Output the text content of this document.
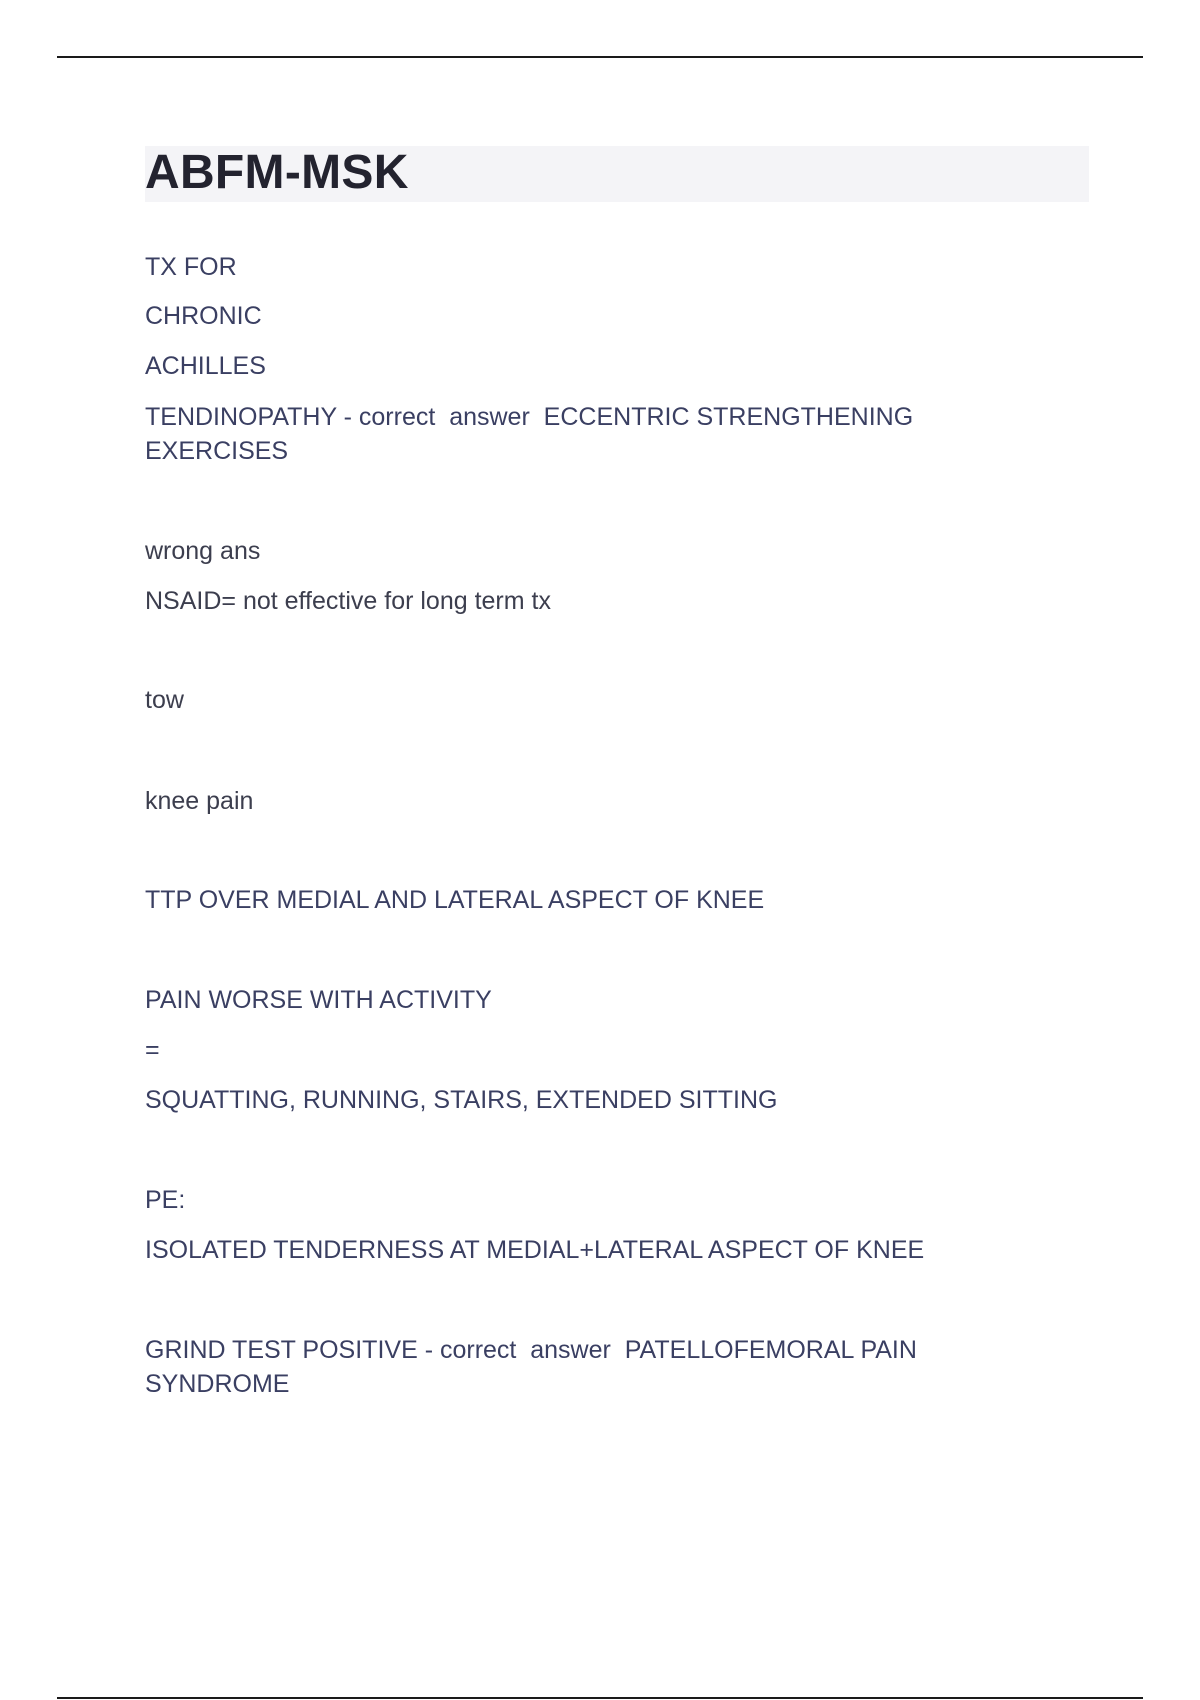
ABFM-MSK
TX FOR
CHRONIC
ACHILLES
TENDINOPATHY - correct  answer  ECCENTRIC STRENGTHENING EXERCISES
wrong ans
NSAID= not effective for long term tx
tow
knee pain
TTP OVER MEDIAL AND LATERAL ASPECT OF KNEE
PAIN WORSE WITH ACTIVITY
=
SQUATTING, RUNNING, STAIRS, EXTENDED SITTING
PE:
ISOLATED TENDERNESS AT MEDIAL+LATERAL ASPECT OF KNEE
GRIND TEST POSITIVE - correct  answer  PATELLOFEMORAL PAIN SYNDROME
